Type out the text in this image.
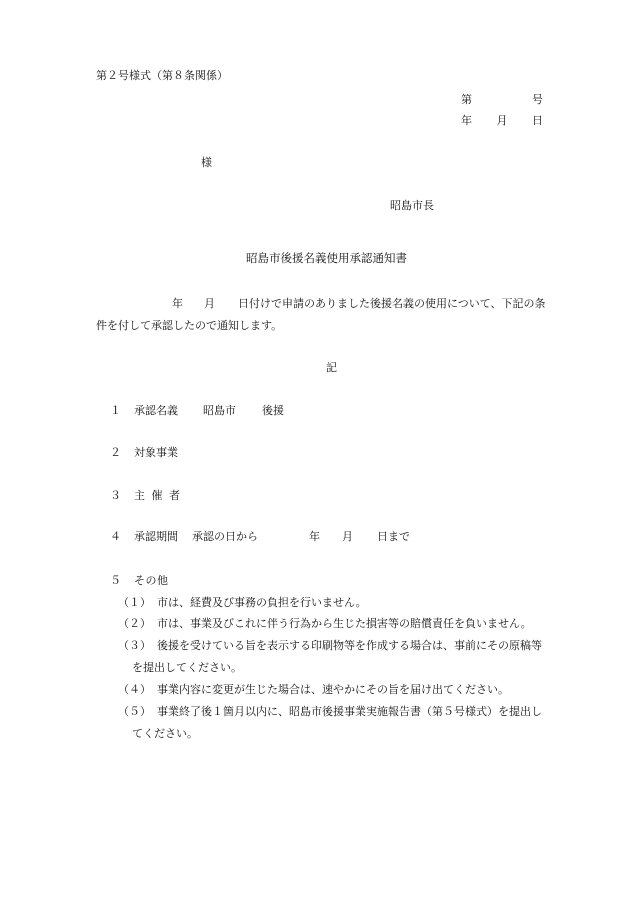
第２号様式（第８条関係）
第	号
年 月 日
様
昭島市長
昭島市後援名義使用承認通知書
年 月 日付けで申請のありました後援名義の使用について、下記の条
件を付して承認したので通知します。
記
１ 承認名義 昭島市 後援
２ 対象事業
３ 主 催 者
４ 承認期間 承認の日から	年 月 日まで
５ そ の 他
（１） 市は、経費及び事務の負担を行いません。
（２） 市は、事業及びこれに伴う行為から生じた損害等の賠償責任を負いません。
（３） 後援を受けている旨を表示する印刷物等を作成する場合は、事前にその原稿等
を提出してください。
（４） 事業内容に変更が生じた場合は、速やかにその旨を届け出てください。
（５） 事業終了後１箇月以内に、昭島市後援事業実施報告書（第５号様式）を提出し
てください。
